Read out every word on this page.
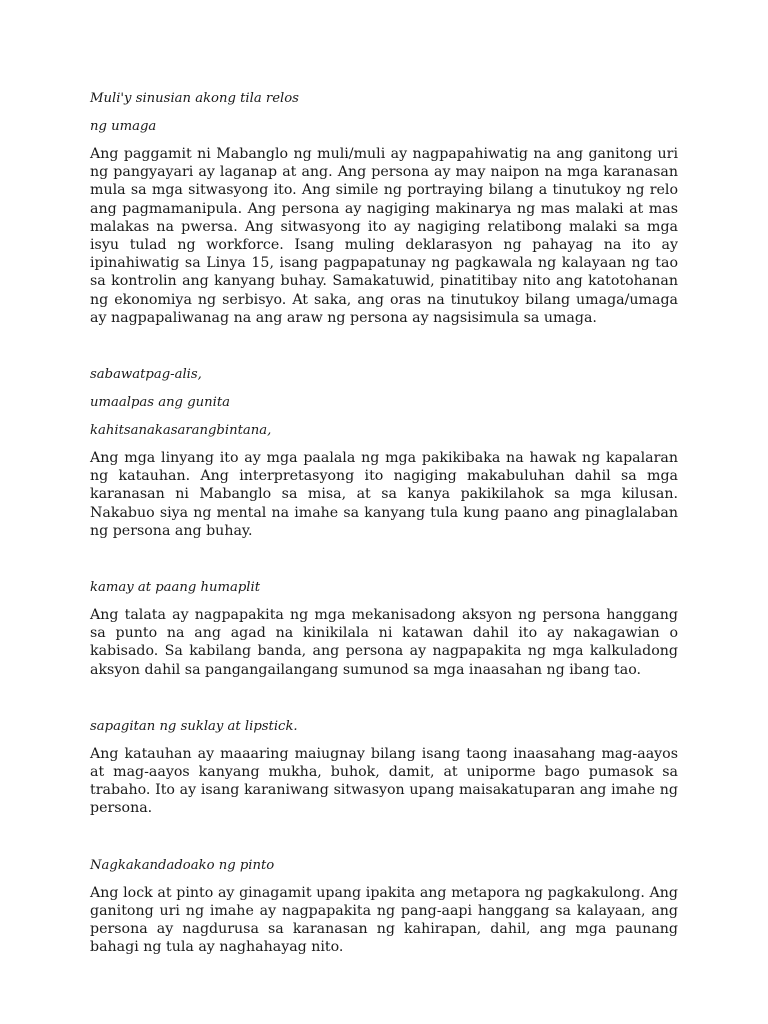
Muli'y sinusian akong tila relos

ng umaga

Ang paggamit ni Mabanglo ng muli/muli ay nagpapahiwatig na ang ganitong uri ng pangyayari ay laganap at ang. Ang persona ay may naipon na mga karanasan mula sa mga sitwasyong ito. Ang simile ng portraying bilang a tinutukoy ng relo ang pagmamanipula. Ang persona ay nagiging makinarya ng mas malaki at mas malakas na pwersa. Ang sitwasyong ito ay nagiging relatibong malaki sa mga isyu tulad ng workforce. Isang muling deklarasyon ng pahayag na ito ay ipinahiwatig sa Linya 15, isang pagpapatunay ng pagkawala ng kalayaan ng tao sa kontrolin ang kanyang buhay. Samakatuwid, pinatitibay nito ang katotohanan ng ekonomiya ng serbisyo. At saka, ang oras na tinutukoy bilang umaga/umaga ay nagpapaliwanag na ang araw ng persona ay nagsisimula sa umaga.

sabawatpag-alis,

umaalpas ang gunita

kahitsanakasarangbintana,

Ang mga linyang ito ay mga paalala ng mga pakikibaka na hawak ng kapalaran ng katauhan. Ang interpretasyong ito nagiging makabuluhan dahil sa mga karanasan ni Mabanglo sa misa, at sa kanya pakikilahok sa mga kilusan. Nakabuo siya ng mental na imahe sa kanyang tula kung paano ang pinaglalaban ng persona ang buhay.

kamay at paang humaplit

Ang talata ay nagpapakita ng mga mekanisadong aksyon ng persona hanggang sa punto na ang agad na kinikilala ni katawan dahil ito ay nakagawian o kabisado. Sa kabilang banda, ang persona ay nagpapakita ng mga kalkuladong aksyon dahil sa pangangailangang sumunod sa mga inaasahan ng ibang tao.

sapagitan ng suklay at lipstick.

Ang katauhan ay maaaring maiugnay bilang isang taong inaasahang mag-aayos at mag-aayos kanyang mukha, buhok, damit, at uniporme bago pumasok sa trabaho. Ito ay isang karaniwang sitwasyon upang maisakatuparan ang imahe ng persona.

Nagkakandadoako ng pinto

Ang lock at pinto ay ginagamit upang ipakita ang metapora ng pagkakulong. Ang ganitong uri ng imahe ay nagpapakita ng pang-aapi hanggang sa kalayaan, ang persona ay nagdurusa sa karanasan ng kahirapan, dahil, ang mga paunang bahagi ng tula ay naghahayag nito.
